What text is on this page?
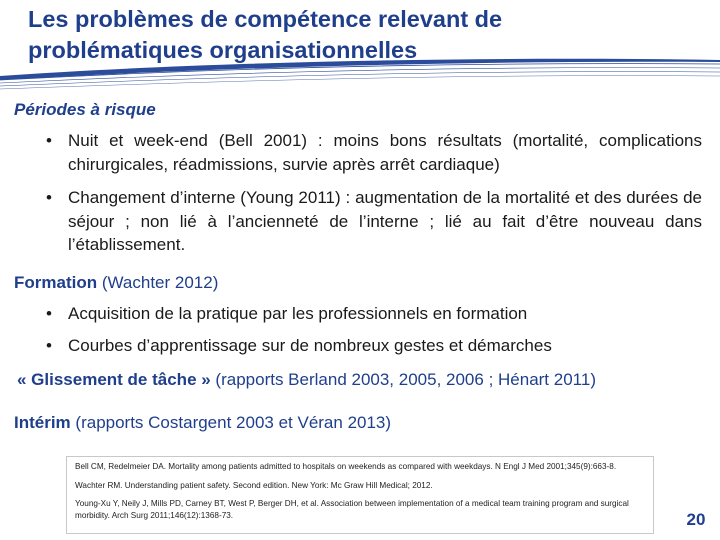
Les problèmes de compétence relevant de
problématiques organisationnelles
Périodes à risque
• Nuit et week-end (Bell 2001) : moins bons résultats (mortalité, complications chirurgicales, réadmissions, survie après arrêt cardiaque)
• Changement d’interne (Young 2011) : augmentation de la mortalité et des durées de séjour ; non lié à l’ancienneté de l’interne ; lié au fait d’être nouveau dans l’établissement.
Formation (Wachter 2012)
• Acquisition de la pratique par les professionnels en formation
• Courbes d’apprentissage sur de nombreux gestes et démarches
« Glissement de tâche » (rapports Berland 2003, 2005, 2006 ; Hénart 2011)
Intérim (rapports Costargent 2003 et Véran 2013)
Bell CM, Redelmeier DA. Mortality among patients admitted to hospitals on weekends as compared with weekdays. N Engl J Med 2001;345(9):663-8.
Wachter RM. Understanding patient safety. Second edition. New York: Mc Graw Hill Medical; 2012.
Young-Xu Y, Neily J, Mills PD, Carney BT, West P, Berger DH, et al. Association between implementation of a medical team training program and surgical morbidity. Arch Surg 2011;146(12):1368-73.	20
